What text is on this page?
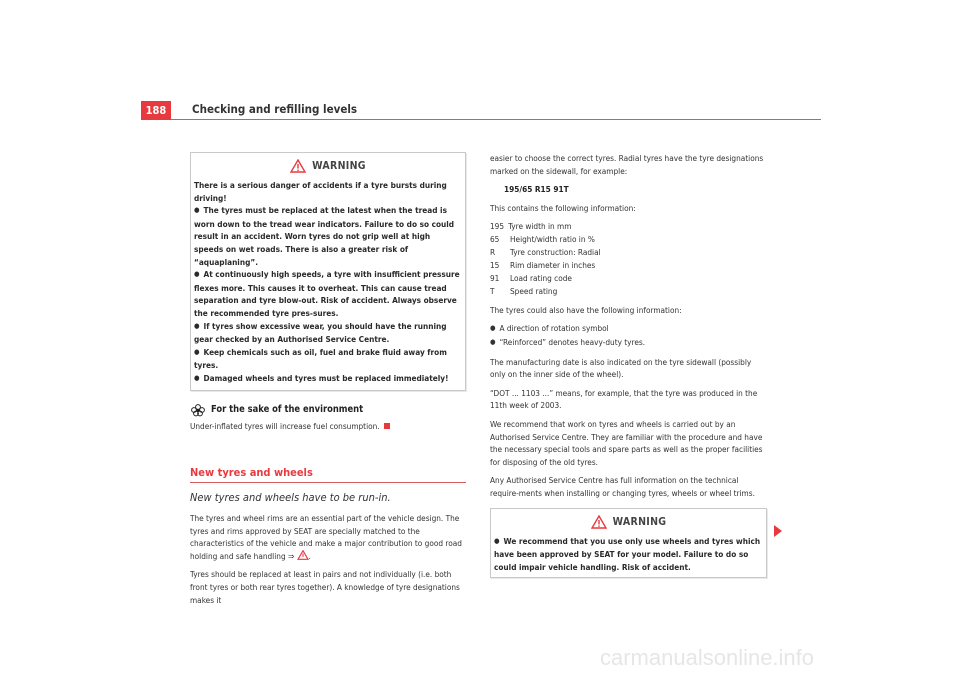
188	Checking and refilling levels
WARNING
There is a serious danger of accidents if a tyre bursts during driving!
● The tyres must be replaced at the latest when the tread is worn down to the tread wear indicators. Failure to do so could result in an accident. Worn tyres do not grip well at high speeds on wet roads. There is also a greater risk of “aquaplaning”.
● At continuously high speeds, a tyre with insufficient pressure flexes more. This causes it to overheat. This can cause tread separation and tyre blow-out. Risk of accident. Always observe the recommended tyre pres-sures.
● If tyres show excessive wear, you should have the running gear checked by an Authorised Service Centre.
● Keep chemicals such as oil, fuel and brake fluid away from tyres.
● Damaged wheels and tyres must be replaced immediately!
For the sake of the environment
Under-inflated tyres will increase fuel consumption.
New tyres and wheels
New tyres and wheels have to be run-in.

The tyres and wheel rims are an essential part of the vehicle design. The tyres and rims approved by SEAT are specially matched to the characteristics of the vehicle and make a major contribution to good road holding and safe handling ⇒ .

Tyres should be replaced at least in pairs and not individually (i.e. both front tyres or both rear tyres together). A knowledge of tyre designations makes it

easier to choose the correct tyres. Radial tyres have the tyre designations marked on the sidewall, for example:

195/65 R15 91T

This contains the following information:

195 Tyre width in mm
65	Height/width ratio in %
R	Tyre construction: Radial
15	Rim diameter in inches
91	Load rating code
T	Speed rating

The tyres could also have the following information:

● A direction of rotation symbol
● “Reinforced” denotes heavy-duty tyres.

The manufacturing date is also indicated on the tyre sidewall (possibly only on the inner side of the wheel).

“DOT ... 1103 ...” means, for example, that the tyre was produced in the 11th week of 2003.

We recommend that work on tyres and wheels is carried out by an Authorised Service Centre. They are familiar with the procedure and have the necessary special tools and spare parts as well as the proper facilities for disposing of the old tyres.

Any Authorised Service Centre has full information on the technical require-ments when installing or changing tyres, wheels or wheel trims.

WARNING
● We recommend that you use only use wheels and tyres which have been approved by SEAT for your model. Failure to do so could impair vehicle handling. Risk of accident.
carmanualsonline.info
